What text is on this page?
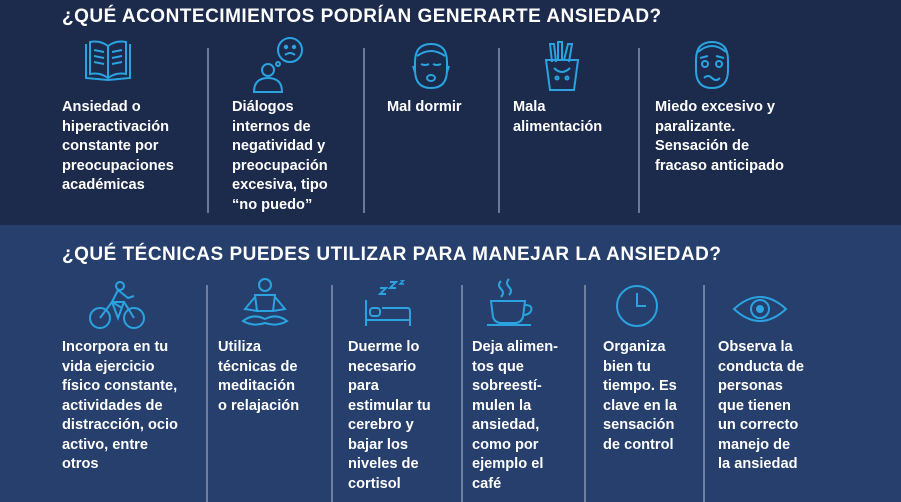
¿QUÉ ACONTECIMIENTOS PODRÍAN GENERARTE ANSIEDAD?
Ansiedad o
hiperactivación
constante por
preocupaciones
académicas
Diálogos
internos de
negatividad y
preocupación
excesiva, tipo
“no puedo”
Mal dormir	Mala
alimentación
Miedo excesivo y
paralizante.
Sensación de
fracaso anticipado
¿QUÉ TÉCNICAS PUEDES UTILIZAR PARA MANEJAR LA ANSIEDAD?
Incorpora en tu
vida ejercicio
físico constante,
actividades de
distracción, ocio
activo, entre
otros
Utiliza
técnicas de
meditación
o relajación
Duerme lo
necesario
para
estimular tu
cerebro y
bajar los
niveles de
cortisol
Deja alimen-
tos que
sobreestí-
mulen la
ansiedad,
como por
ejemplo el
café
Organiza
bien tu
tiempo. Es
clave en la
sensación
de control
Observa la
conducta de
personas
que tienen
un correcto
manejo de
la ansiedad
